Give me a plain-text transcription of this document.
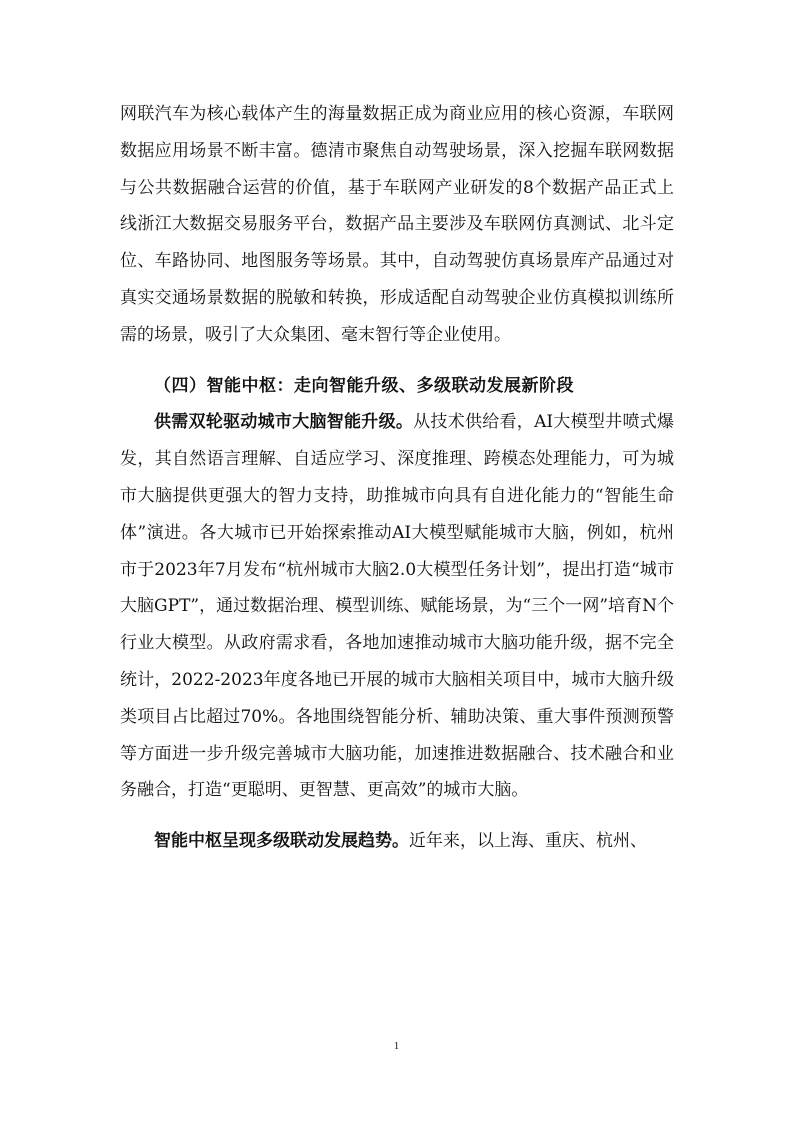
网联汽车为核心载体产生的海量数据正成为商业应用的核心资源，车联网数据应用场景不断丰富。德清市聚焦自动驾驶场景，深入挖掘车联网数据与公共数据融合运营的价值，基于车联网产业研发的8个数据产品正式上线浙江大数据交易服务平台，数据产品主要涉及车联网仿真测试、北斗定位、车路协同、地图服务等场景。其中，自动驾驶仿真场景库产品通过对真实交通场景数据的脱敏和转换，形成适配自动驾驶企业仿真模拟训练所需的场景，吸引了大众集团、毫末智行等企业使用。

（四）智能中枢：走向智能升级、多级联动发展新阶段

供需双轮驱动城市大脑智能升级。从技术供给看，AI大模型井喷式爆发，其自然语言理解、自适应学习、深度推理、跨模态处理能力，可为城市大脑提供更强大的智力支持，助推城市向具有自进化能力的“智能生命体”演进。各大城市已开始探索推动AI大模型赋能城市大脑，例如，杭州市于2023年7月发布“杭州城市大脑2.0大模型任务计划”，提出打造“城市大脑GPT”，通过数据治理、模型训练、赋能场景，为“三个一网”培育N个行业大模型。从政府需求看，各地加速推动城市大脑功能升级，据不完全统计，2022-2023年度各地已开展的城市大脑相关项目中，城市大脑升级类项目占比超过70%。各地围绕智能分析、辅助决策、重大事件预测预警等方面进一步升级完善城市大脑功能，加速推进数据融合、技术融合和业务融合，打造“更聪明、更智慧、更高效”的城市大脑。

智能中枢呈现多级联动发展趋势。近年来，以上海、重庆、杭州、

1
